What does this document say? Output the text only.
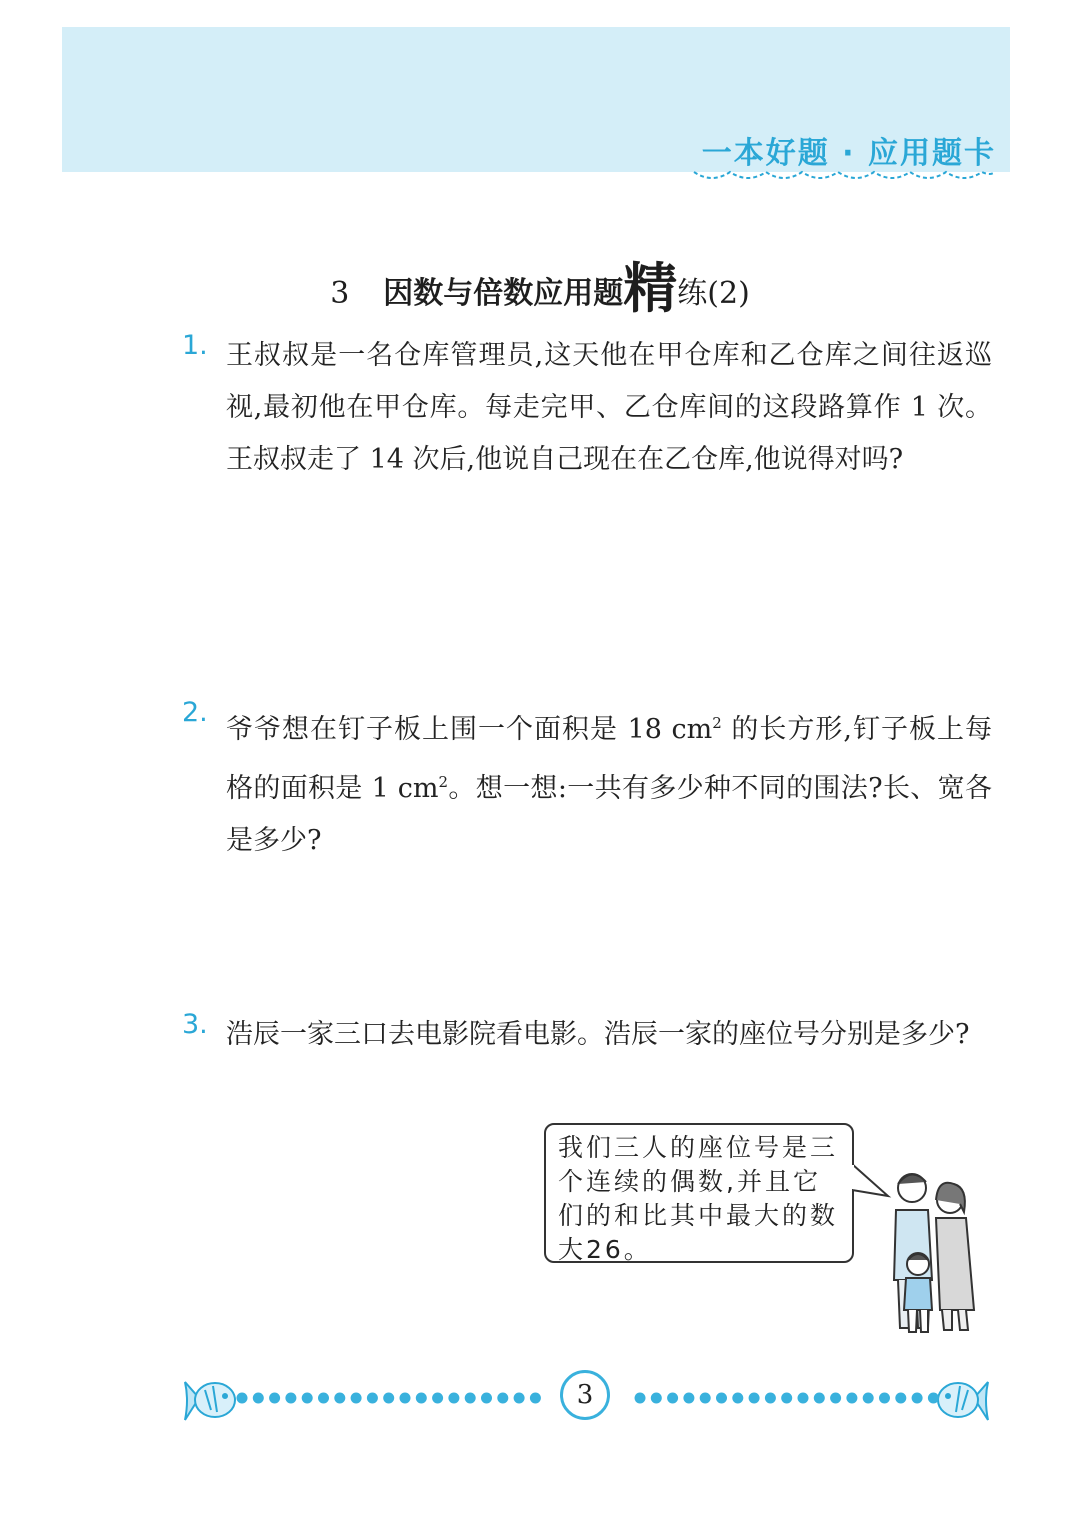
一本好题 · 应用题卡
3 因数与倍数应用题精练(2)
1. 王叔叔是一名仓库管理员,这天他在甲仓库和乙仓库之间往返巡视,最初他在甲仓库。每走完甲、乙仓库间的这段路算作 1 次。王叔叔走了 14 次后,他说自己现在在乙仓库,他说得对吗?
2.
爷爷想在钉子板上围一个面积是 18 $cm^2$ 的长方形,钉子板上每格的面积是 1 $cm^2$。想一想:一共有多少种不同的围法?长、宽各是多少?
3. 浩辰一家三口去电影院看电影。浩辰一家的座位号分别是多少?
我们三人的座位号是三个连续的偶数,并且它们的和比其中最大的数大26。
3
